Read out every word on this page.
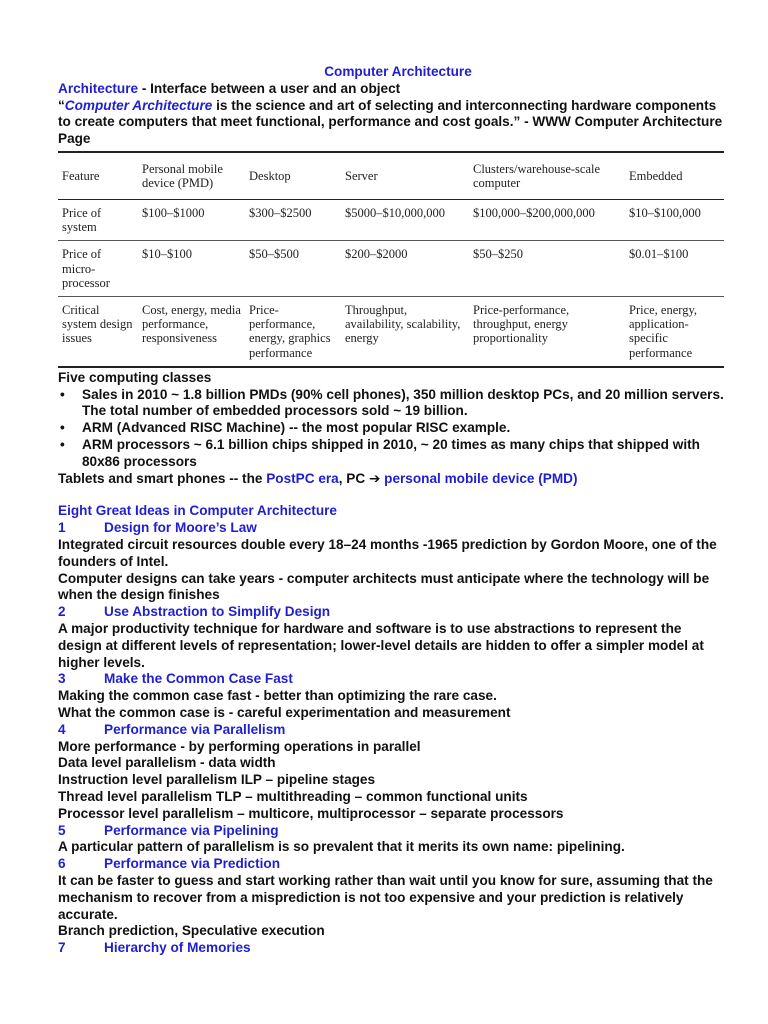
Computer Architecture
Architecture - Interface between a user and an object
“Computer Architecture is the science and art of selecting and interconnecting hardware components to create computers that meet functional, performance and cost goals.” - WWW Computer Architecture Page
Feature	Personal mobile device (PMD)	Desktop	Server	Clusters/warehouse-scale computer	Embedded
Price of system	$100–$1000	$300–$2500	$5000–$10,000,000	$100,000–$200,000,000	$10–$100,000
Price of micro-processor	$10–$100	$50–$500	$200–$2000	$50–$250	$0.01–$100
Critical system design issues	Cost, energy, media performance, responsiveness	Price-performance, energy, graphics performance	Throughput, availability, scalability, energy	Price-performance, throughput, energy proportionality	Price, energy, application-specific performance
Five computing classes
• Sales in 2010 ~ 1.8 billion PMDs (90% cell phones), 350 million desktop PCs, and 20 million servers. The total number of embedded processors sold ~ 19 billion.
• ARM (Advanced RISC Machine) -- the most popular RISC example.
• ARM processors ~ 6.1 billion chips shipped in 2010, ~ 20 times as many chips that shipped with 80x86 processors
Tablets and smart phones -- the PostPC era, PC ➔ personal mobile device (PMD)
Eight Great Ideas in Computer Architecture
1	Design for Moore’s Law
Integrated circuit resources double every 18–24 months -1965 prediction by Gordon Moore, one of the founders of Intel.
Computer designs can take years - computer architects must anticipate where the technology will be when the design finishes
2	Use Abstraction to Simplify Design
A major productivity technique for hardware and software is to use abstractions to represent the design at different levels of representation; lower-level details are hidden to offer a simpler model at higher levels.
3	Make the Common Case Fast
Making the common case fast - better than optimizing the rare case.
What the common case is - careful experimentation and measurement
4	Performance via Parallelism
More performance - by performing operations in parallel
Data level parallelism - data width
Instruction level parallelism ILP – pipeline stages
Thread level parallelism TLP – multithreading – common functional units
Processor level parallelism – multicore, multiprocessor – separate processors
5	Performance via Pipelining
A particular pattern of parallelism is so prevalent that it merits its own name: pipelining.
6	Performance via Prediction
It can be faster to guess and start working rather than wait until you know for sure, assuming that the mechanism to recover from a misprediction is not too expensive and your prediction is relatively accurate.
Branch prediction, Speculative execution
7	Hierarchy of Memories
